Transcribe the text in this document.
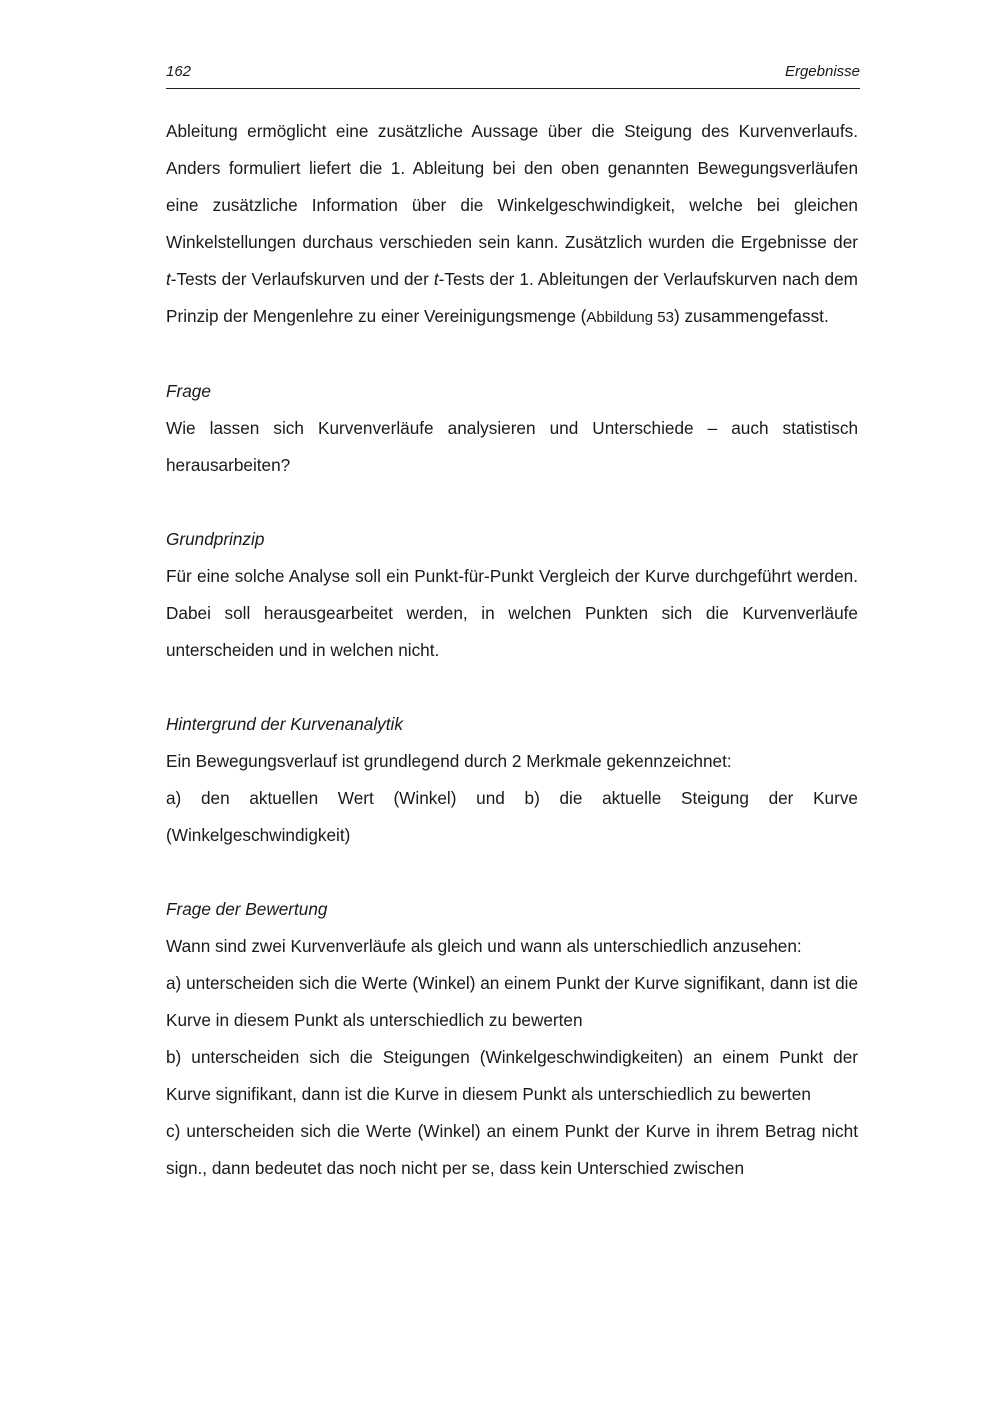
162	Ergebnisse

Ableitung ermöglicht eine zusätzliche Aussage über die Steigung des Kurvenverlaufs. Anders formuliert liefert die 1. Ableitung bei den oben genannten Bewegungsverläufen eine zusätzliche Information über die Winkelgeschwindigkeit, welche bei gleichen Winkelstellungen durchaus verschieden sein kann. Zusätzlich wurden die Ergebnisse der t-Tests der Verlaufskurven und der t-Tests der 1. Ableitungen der Verlaufskurven nach dem Prinzip der Mengenlehre zu einer Vereinigungsmenge (Abbildung 53) zusammengefasst.

Frage

Wie lassen sich Kurvenverläufe analysieren und Unterschiede – auch statistisch herausarbeiten?

Grundprinzip

Für eine solche Analyse soll ein Punkt-für-Punkt Vergleich der Kurve durchgeführt werden. Dabei soll herausgearbeitet werden, in welchen Punkten sich die Kurvenverläufe unterscheiden und in welchen nicht.

Hintergrund der Kurvenanalytik

Ein Bewegungsverlauf ist grundlegend durch 2 Merkmale gekennzeichnet:

a) den aktuellen Wert (Winkel) und b) die aktuelle Steigung der Kurve (Winkelgeschwindigkeit)

Frage der Bewertung

Wann sind zwei Kurvenverläufe als gleich und wann als unterschiedlich anzusehen:

a) unterscheiden sich die Werte (Winkel) an einem Punkt der Kurve signifikant, dann ist die Kurve in diesem Punkt als unterschiedlich zu bewerten

b) unterscheiden sich die Steigungen (Winkelgeschwindigkeiten) an einem Punkt der Kurve signifikant, dann ist die Kurve in diesem Punkt als unterschiedlich zu bewerten

c) unterscheiden sich die Werte (Winkel) an einem Punkt der Kurve in ihrem Betrag nicht sign., dann bedeutet das noch nicht per se, dass kein Unterschied zwischen
